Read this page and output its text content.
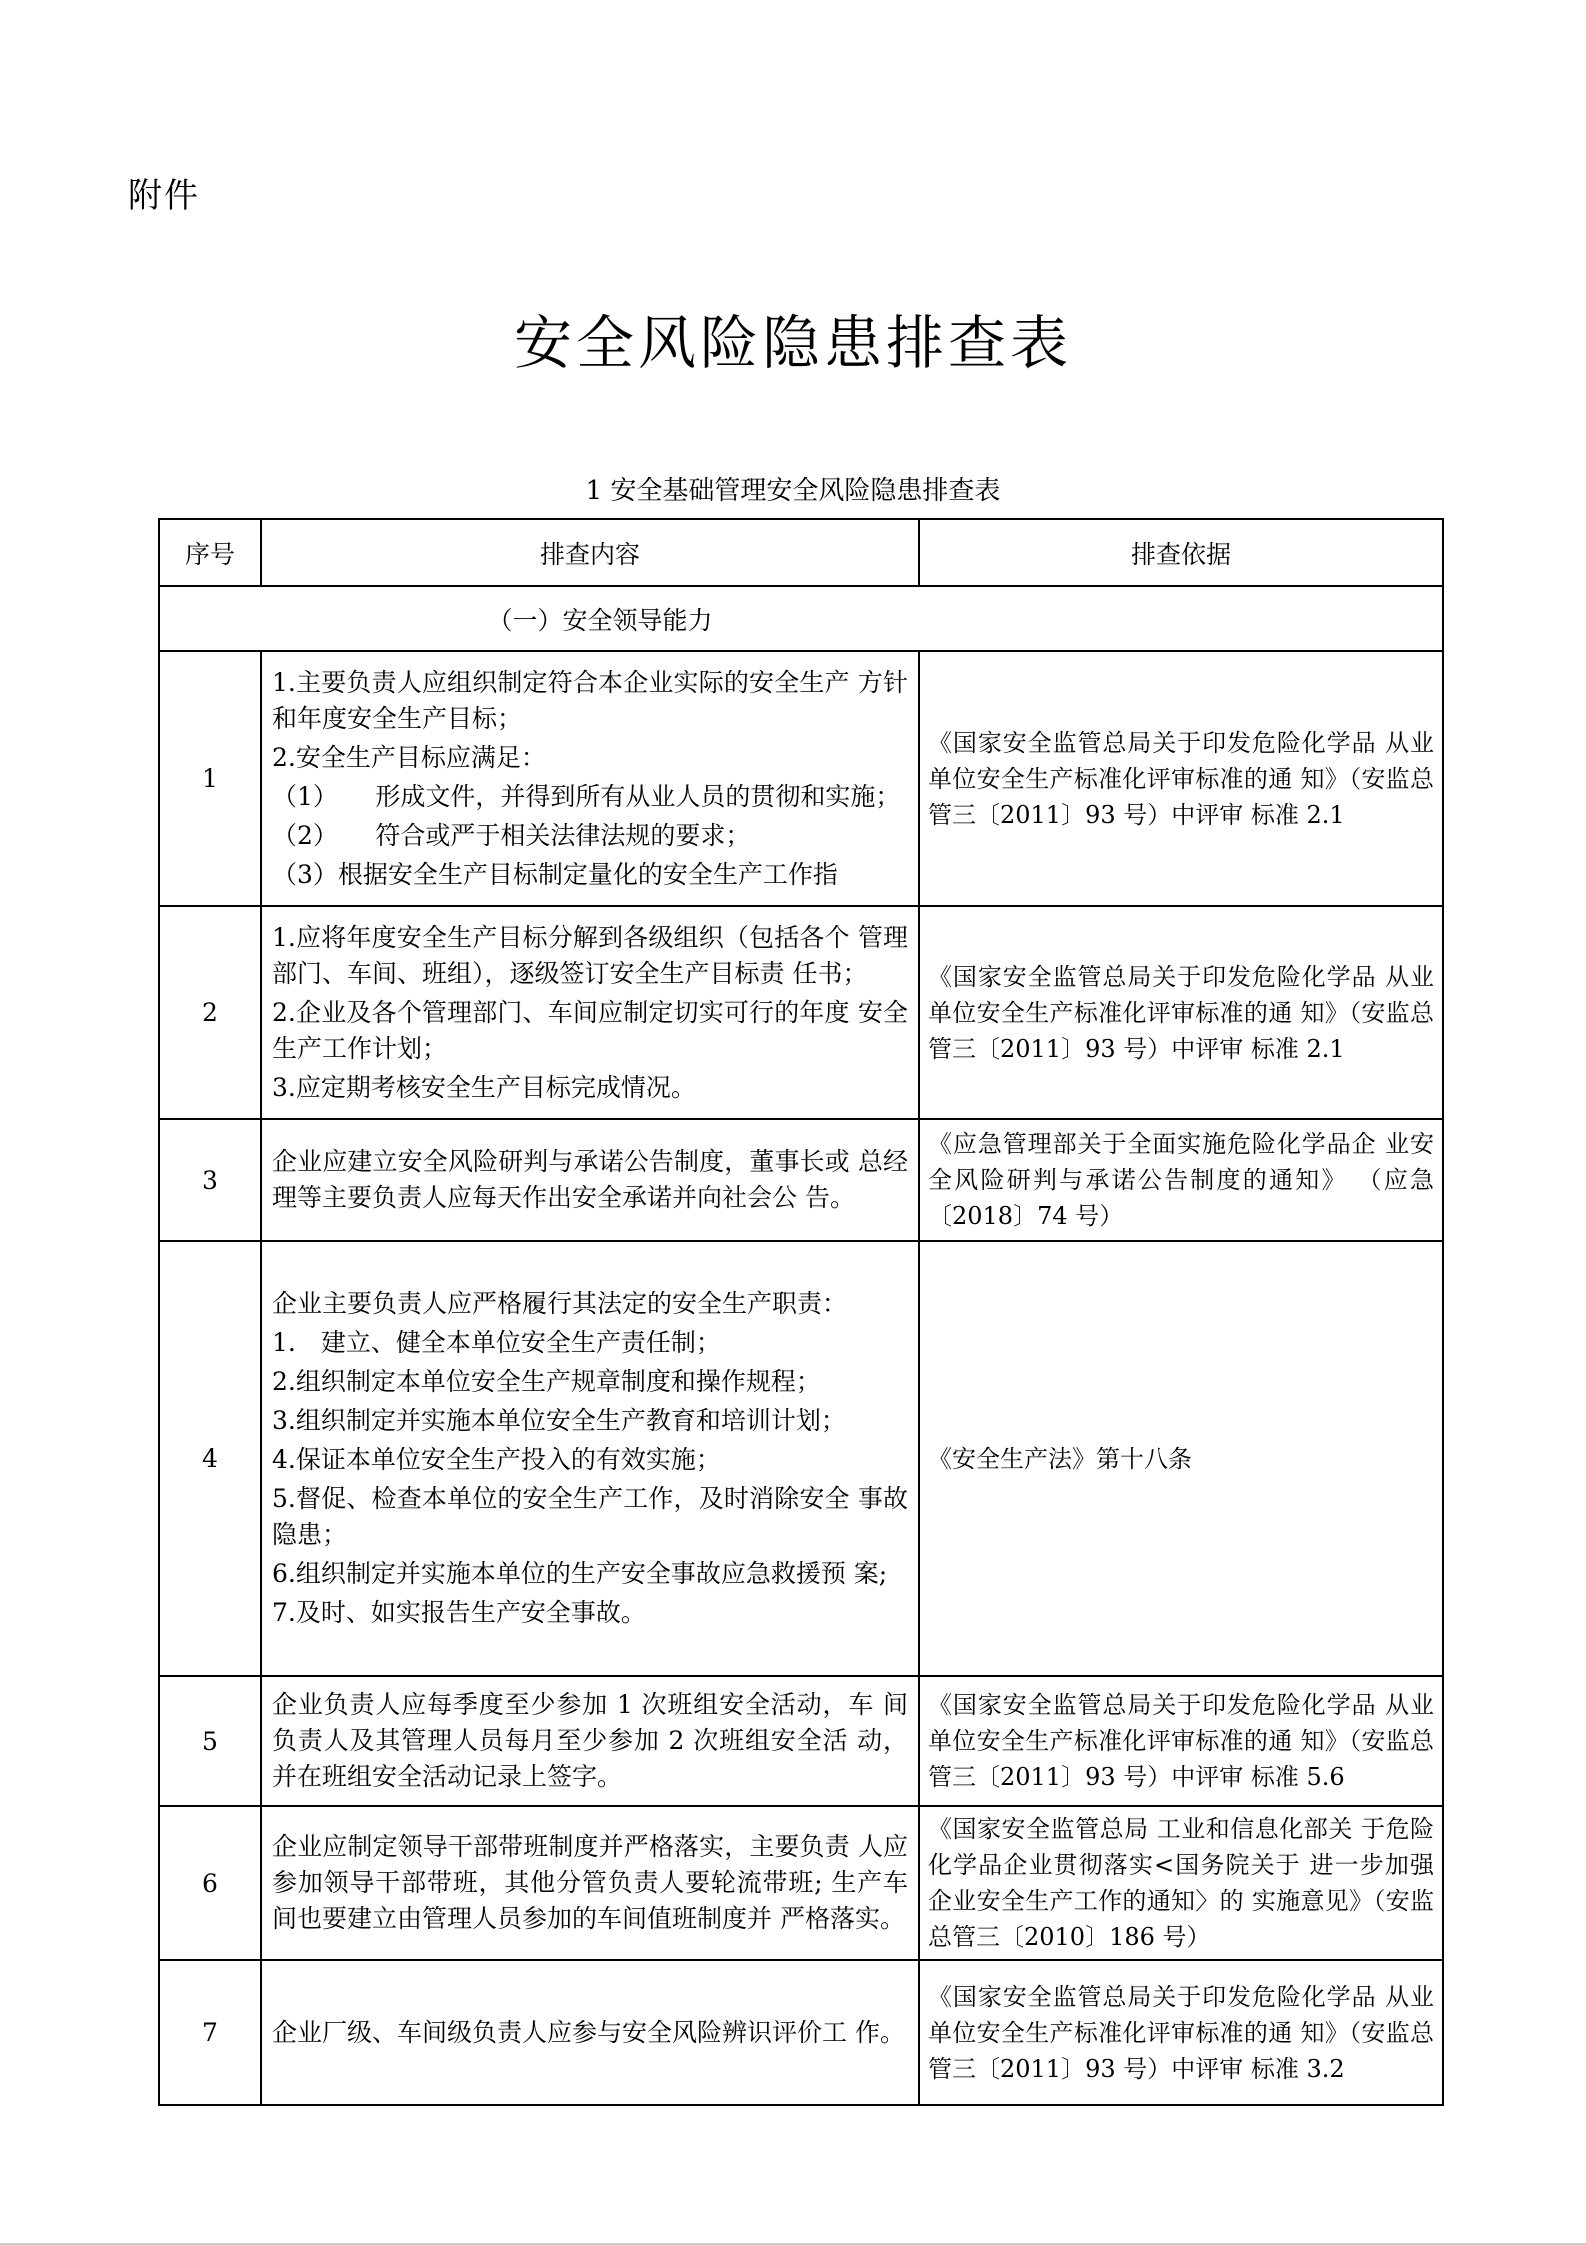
附件
安全风险隐患排查表
1 安全基础管理安全风险隐患排查表
序号	排查内容	排查依据

（一）安全领导能力		

1	1.主要负责人应组织制定符合本企业实际的安全生产 方针和年度安全生产目标；

2.安全生产目标应满足：

（1）　　形成文件，并得到所有从业人员的贯彻和实施；

（2）　　符合或严于相关法律法规的要求；

（3）根据安全生产目标制定量化的安全生产工作指	《国家安全监管总局关于印发危险化学品 从业单位安全生产标准化评审标准的通 知》（安监总管三〔2011〕93 号）中评审 标准 2.1
2	1.应将年度安全生产目标分解到各级组织（包括各个 管理部门、车间、班组），逐级签订安全生产目标责 任书；

2.企业及各个管理部门、车间应制定切实可行的年度 安全生产工作计划；

3.应定期考核安全生产目标完成情况。	《国家安全监管总局关于印发危险化学品 从业单位安全生产标准化评审标准的通 知》（安监总管三〔2011〕93 号）中评审 标准 2.1
3	企业应建立安全风险研判与承诺公告制度，董事长或 总经理等主要负责人应每天作出安全承诺并向社会公 告。	《应急管理部关于全面实施危险化学品企 业安全风险研判与承诺公告制度的通知》 （应急〔2018〕74 号）
4	

企业主要负责人应严格履行其法定的安全生产职责：

1.　建立、健全本单位安全生产责任制；

2.组织制定本单位安全生产规章制度和操作规程；

3.组织制定并实施本单位安全生产教育和培训计划；

4.保证本单位安全生产投入的有效实施；

5.督促、检查本单位的安全生产工作，及时消除安全 事故隐患；

6.组织制定并实施本单位的生产安全事故应急救援预 案;

7.及时、如实报告生产安全事故。

	《安全生产法》第十八条
5	企业负责人应每季度至少参加 1 次班组安全活动，车 间负责人及其管理人员每月至少参加 2 次班组安全活 动，并在班组安全活动记录上签字。	《国家安全监管总局关于印发危险化学品 从业单位安全生产标准化评审标准的通 知》（安监总管三〔2011〕93 号）中评审 标准 5.6
6	企业应制定领导干部带班制度并严格落实，主要负责 人应参加领导干部带班，其他分管负责人要轮流带班; 生产车间也要建立由管理人员参加的车间值班制度并 严格落实。	《国家安全监管总局 工业和信息化部关 于危险化学品企业贯彻落实<国务院关于 进一步加强企业安全生产工作的通知〉的 实施意见》（安监总管三〔2010〕186 号）
7	企业厂级、车间级负责人应参与安全风险辨识评价工 作。	《国家安全监管总局关于印发危险化学品 从业单位安全生产标准化评审标准的通 知》（安监总管三〔2011〕93 号）中评审 标准 3.2
